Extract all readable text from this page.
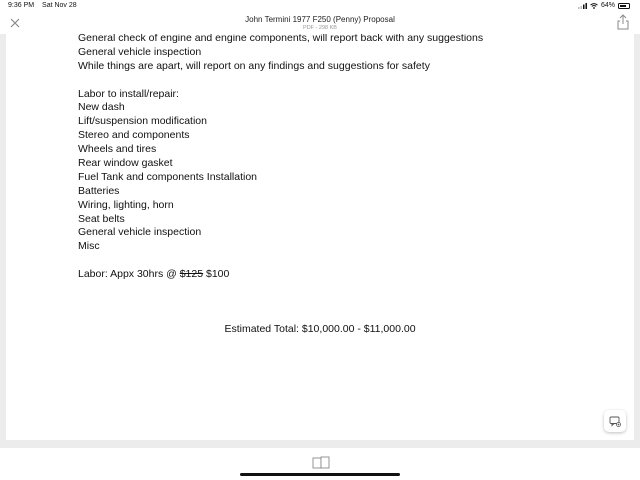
9:36 PM Sat Nov 28	64%
John Termini 1977 F250 (Penny) Proposal
PDF - 298 KB
General check of engine and engine components, will report back with any suggestions
General vehicle inspection
While things are apart, will report on any findings and suggestions for safety
Labor to install/repair:
New dash
Lift/suspension modification
Stereo and components
Wheels and tires
Rear window gasket
Fuel Tank and components Installation
Batteries
Wiring, lighting, horn
Seat belts
General vehicle inspection
Misc
Labor: Appx 30hrs @ $125 $100
Estimated Total: $10,000.00 - $11,000.00
